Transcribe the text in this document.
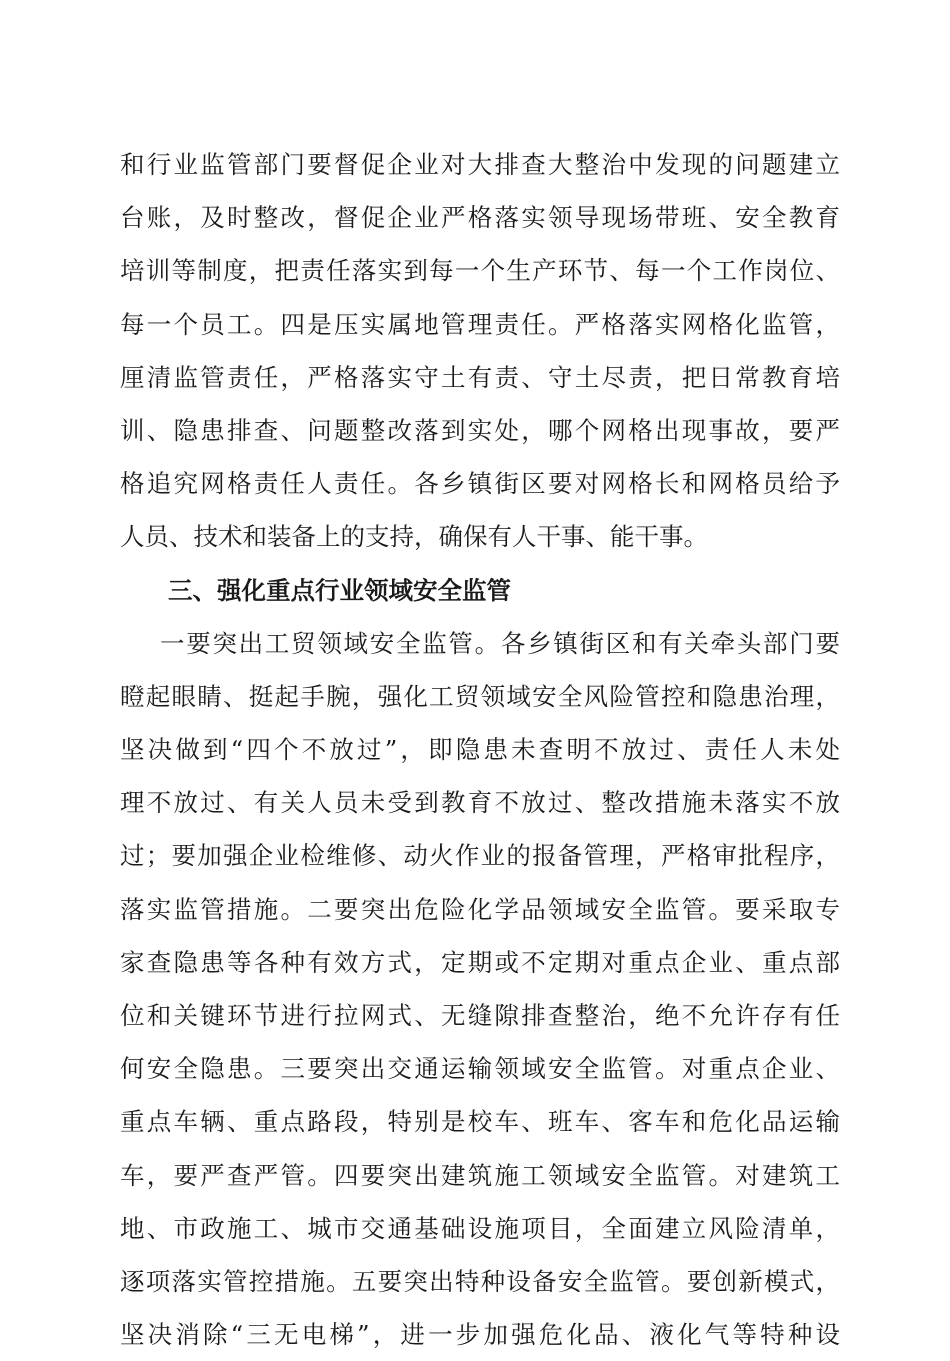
和行业监管部门要督促企业对大排查大整治中发现的问题建立
台账，及时整改，督促企业严格落实领导现场带班、安全教育
培训等制度，把责任落实到每一个生产环节、每一个工作岗位、
每一个员工。四是压实属地管理责任。严格落实网格化监管，
厘清监管责任，严格落实守土有责、守土尽责，把日常教育培
训、隐患排查、问题整改落到实处，哪个网格出现事故，要严
格追究网格责任人责任。各乡镇街区要对网格长和网格员给予
人员、技术和装备上的支持，确保有人干事、能干事。
三、强化重点行业领域安全监管
一要突出工贸领域安全监管。各乡镇街区和有关牵头部门要
瞪起眼睛、挺起手腕，强化工贸领域安全风险管控和隐患治理，
坚决做到“四个不放过”，即隐患未查明不放过、责任人未处
理不放过、有关人员未受到教育不放过、整改措施未落实不放
过；要加强企业检维修、动火作业的报备管理，严格审批程序，
落实监管措施。二要突出危险化学品领域安全监管。要采取专
家查隐患等各种有效方式，定期或不定期对重点企业、重点部
位和关键环节进行拉网式、无缝隙排查整治，绝不允许存有任
何安全隐患。三要突出交通运输领域安全监管。对重点企业、
重点车辆、重点路段，特别是校车、班车、客车和危化品运输
车，要严查严管。四要突出建筑施工领域安全监管。对建筑工
地、市政施工、城市交通基础设施项目，全面建立风险清单，
逐项落实管控措施。五要突出特种设备安全监管。要创新模式，
坚决消除“三无电梯”，进一步加强危化品、液化气等特种设
